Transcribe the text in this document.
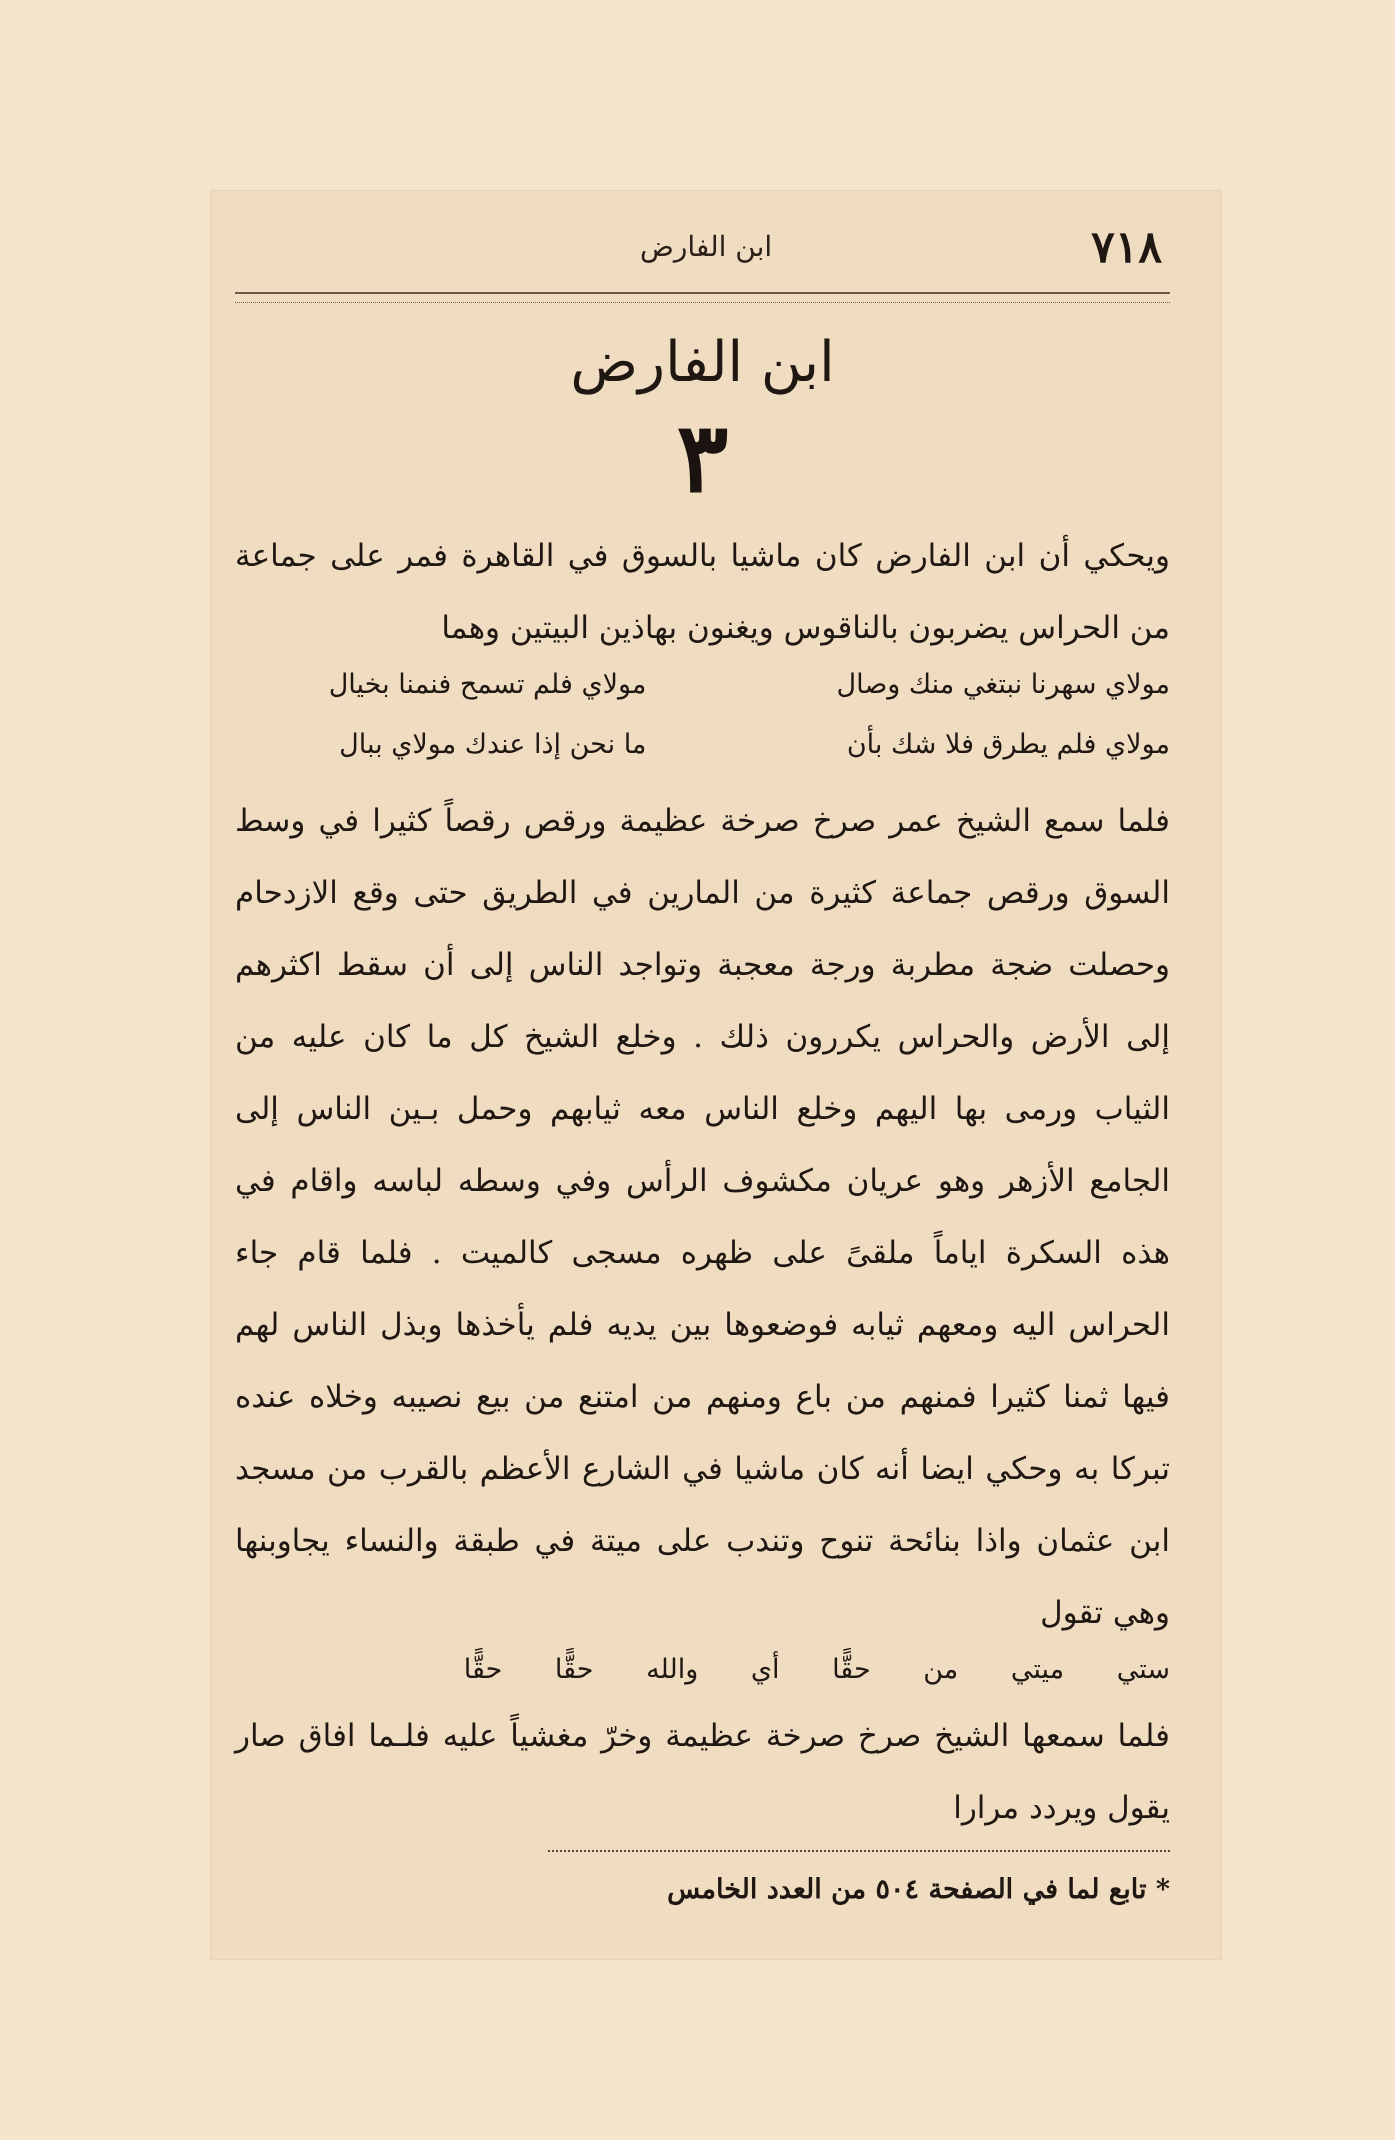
ابن الفارض	٧١٨
ابن الفارض
٣
ويحكي أن ابن الفارض كان ماشيا بالسوق في القاهرة فمر على جماعة من الحراس يضربون بالناقوس ويغنون بهاذين البيتين وهما
مولاي سهرنا نبتغي منك وصال
مولاي فلم تسمح فنمنا بخيال
مولاي فلم يطرق فلا شك بأن
ما نحن إذا عندك مولاي ببال
فلما سمع الشيخ عمر صرخ صرخة عظيمة ورقص رقصاً كثيرا في وسط السوق ورقص جماعة كثيرة من المارين في الطريق حتى وقع الازدحام وحصلت ضجة مطربة ورجة معجبة وتواجد الناس إلى أن سقط اكثرهم إلى الأرض والحراس يكررون ذلك . وخلع الشيخ كل ما كان عليه من الثياب ورمى بها اليهم وخلع الناس معه ثيابهم وحمل بـين الناس إلى الجامع الأزهر وهو عريان مكشوف الرأس وفي وسطه لباسه واقام في هذه السكرة اياماً ملقىً على ظهره مسجى كالميت . فلما قام جاء الحراس اليه ومعهم ثيابه فوضعوها بين يديه فلم يأخذها وبذل الناس لهم فيها ثمنا كثيرا فمنهم من باع ومنهم من امتنع من بيع نصيبه وخلاه عنده تبركا به وحكي ايضا أنه كان ماشيا في الشارع الأعظم بالقرب من مسجد ابن عثمان واذا بنائحة تنوح وتندب على ميتة في طبقة والنساء يجاوبنها وهي تقول
ستي ميتي من حقًّا أي والله حقًّا حقًّا
فلما سمعها الشيخ صرخ صرخة عظيمة وخرّ مغشياً عليه فلـما افاق صار يقول ويردد مرارا
* تابع لما في الصفحة ٥٠٤ من العدد الخامس
